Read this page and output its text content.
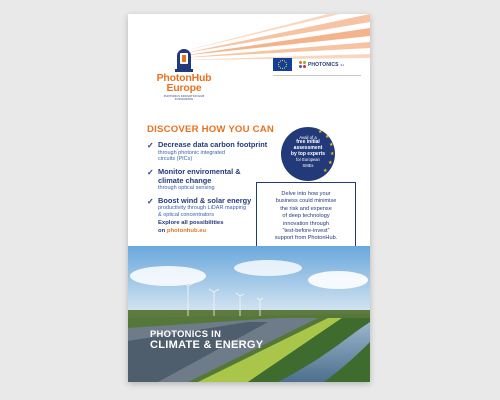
PhotonHub
Europe
PHOTONICS INNOVATION HUB
FOR EUROPE
PHOTONICS 21
DISCOVER HOW YOU CAN
✓ Decrease data carbon footprint
through photonic integrated
circuits (PICs)
✓ Monitor enviromental &
climate change
through optical sensing
✓ Boost wind & solar energy
productivity through LiDAR mapping
& optical concentrators
Explore all possibilities
on photonhub.eu
Delve into how your
business could minimise
the risk and expense
of deep technology
innovation through
“test-before-invest”
support from PhotonHub.
★
★
★
★
★
★
Avail of a
free initial
assessment
by top experts
for European
SMEs
PHOTONICS IN
CLIMATE & ENERGY
